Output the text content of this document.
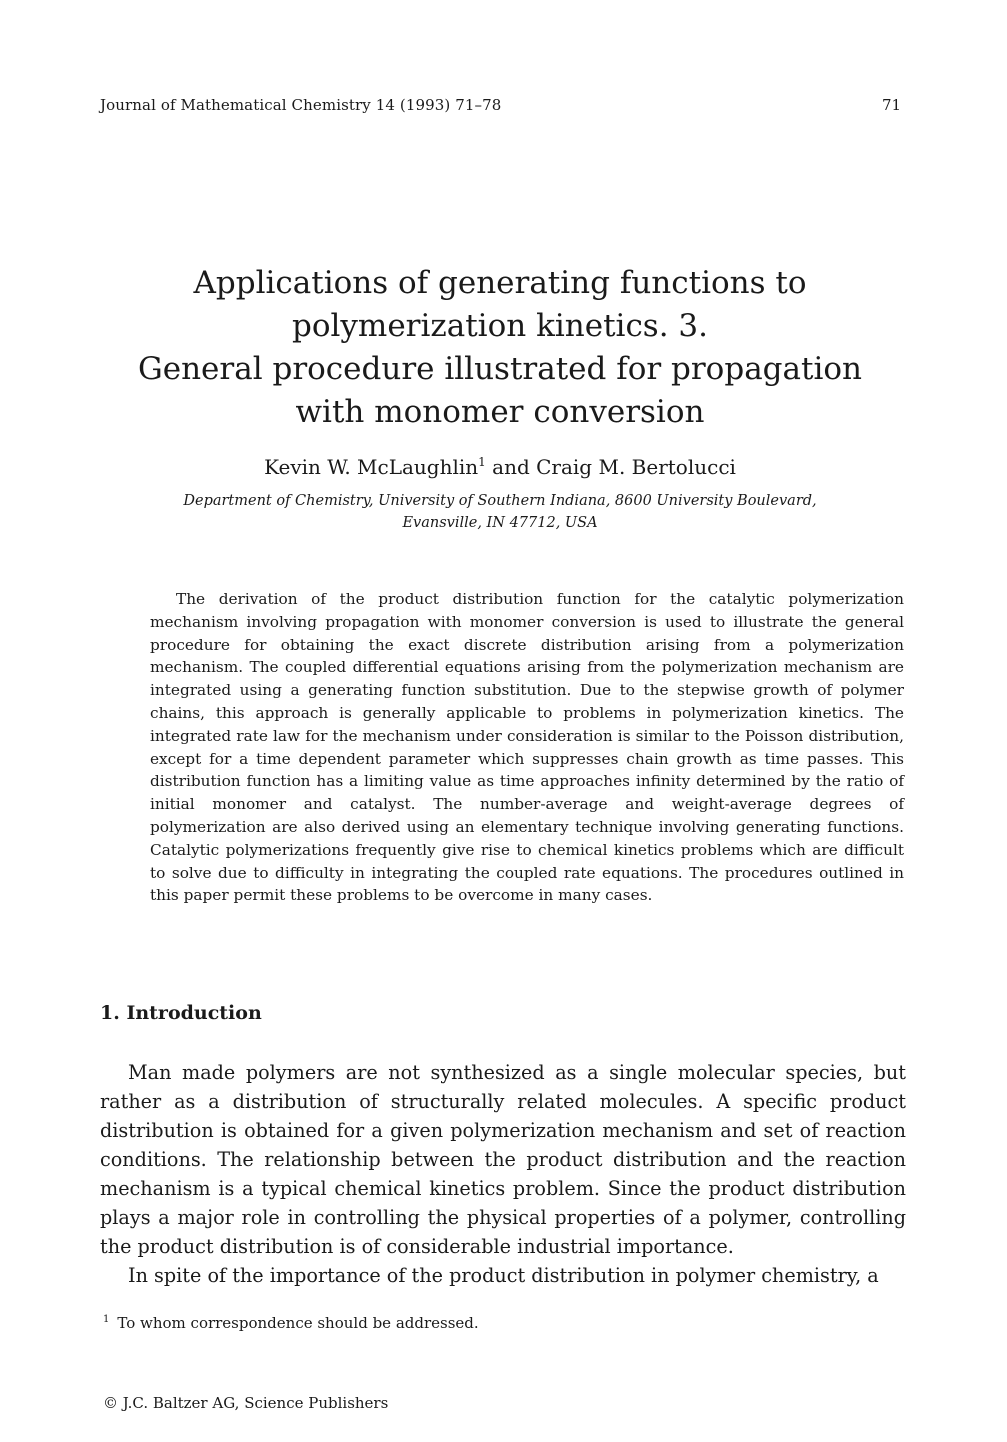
Journal of Mathematical Chemistry 14 (1993) 71–78	71
Applications of generating functions to
polymerization kinetics. 3.
General procedure illustrated for propagation
with monomer conversion
Kevin W. McLaughlin$^1$ and Craig M. Bertolucci
Department of Chemistry, University of Southern Indiana, 8600 University Boulevard,
Evansville, IN 47712, USA

The derivation of the product distribution function for the catalytic polymerization mechanism involving propagation with monomer conversion is used to illustrate the general procedure for obtaining the exact discrete distribution arising from a polymerization mechanism. The coupled differential equations arising from the polymerization mechanism are integrated using a generating function substitution. Due to the stepwise growth of polymer chains, this approach is generally applicable to problems in polymerization kinetics. The integrated rate law for the mechanism under consideration is similar to the Poisson distribution, except for a time dependent parameter which suppresses chain growth as time passes. This distribution function has a limiting value as time approaches infinity determined by the ratio of initial monomer and catalyst. The number-average and weight-average degrees of polymerization are also derived using an elementary technique involving generating functions. Catalytic polymerizations frequently give rise to chemical kinetics problems which are difficult to solve due to difficulty in integrating the coupled rate equations. The procedures outlined in this paper permit these problems to be overcome in many cases.

1. Introduction

Man made polymers are not synthesized as a single molecular species, but rather as a distribution of structurally related molecules. A specific product distribution is obtained for a given polymerization mechanism and set of reaction conditions. The relationship between the product distribution and the reaction mechanism is a typical chemical kinetics problem. Since the product distribution plays a major role in controlling the physical properties of a polymer, controlling the product distribution is of considerable industrial importance.

In spite of the importance of the product distribution in polymer chemistry, a

$^1$ To whom correspondence should be addressed.
© J.C. Baltzer AG, Science Publishers
